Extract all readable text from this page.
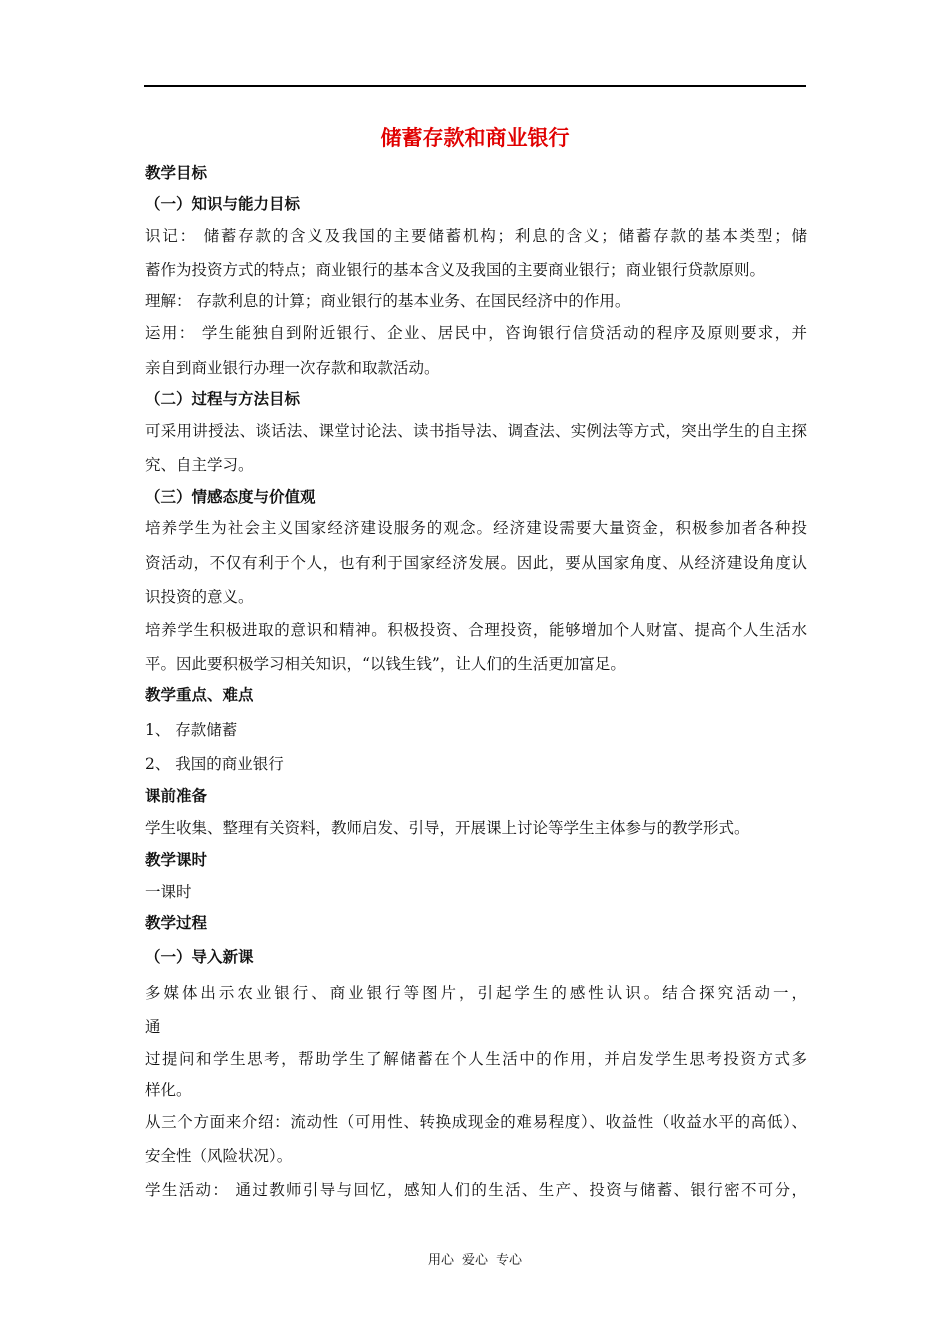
储蓄存款和商业银行
教学目标
（一）知识与能力目标
识记： 储蓄存款的含义及我国的主要储蓄机构；利息的含义；储蓄存款的基本类型；储
蓄作为投资方式的特点；商业银行的基本含义及我国的主要商业银行；商业银行贷款原则。
理解： 存款利息的计算；商业银行的基本业务、在国民经济中的作用。
运用： 学生能独自到附近银行、企业、居民中，咨询银行信贷活动的程序及原则要求，并
亲自到商业银行办理一次存款和取款活动。
（二）过程与方法目标
可采用讲授法、谈话法、课堂讨论法、读书指导法、调查法、实例法等方式，突出学生的自主探
究、自主学习。
（三）情感态度与价值观
培养学生为社会主义国家经济建设服务的观念。经济建设需要大量资金，积极参加者各种投
资活动，不仅有利于个人，也有利于国家经济发展。因此，要从国家角度、从经济建设角度认
识投资的意义。
培养学生积极进取的意识和精神。积极投资、合理投资，能够增加个人财富、提高个人生活水
平。因此要积极学习相关知识，“以钱生钱”，让人们的生活更加富足。
教学重点、难点
1、 存款储蓄
2、 我国的商业银行
课前准备
学生收集、整理有关资料，教师启发、引导，开展课上讨论等学生主体参与的教学形式。
教学课时
一课时
教学过程
（一）导入新课
多媒体出示农业银行、商业银行等图片，引起学生的感性认识。结合探究活动一，
通
过提问和学生思考，帮助学生了解储蓄在个人生活中的作用，并启发学生思考投资方式多
样化。
从三个方面来介绍：流动性（可用性、转换成现金的难易程度）、收益性（收益水平的高低）、
安全性（风险状况）。
学生活动： 通过教师引导与回忆，感知人们的生活、生产、投资与储蓄、银行密不可分，
用心 爱心 专心
